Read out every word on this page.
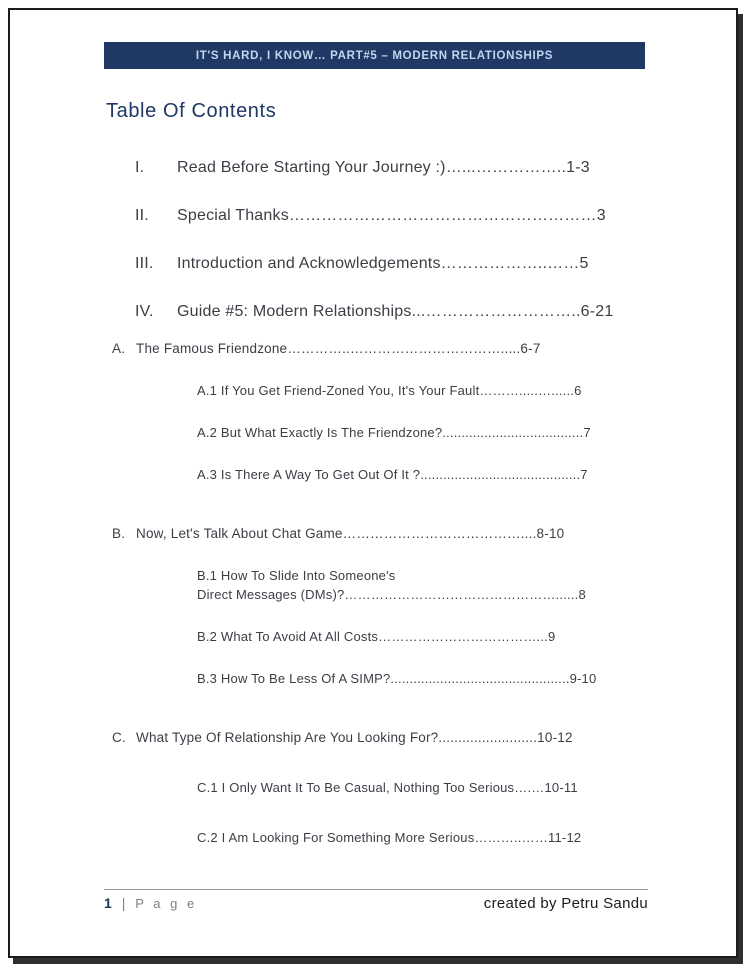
IT'S HARD, I KNOW… PART#5 – MODERN RELATIONSHIPS
Table Of Contents
I.	Read Before Starting Your Journey :)…...……………..1-3
II.	Special Thanks…………………………………………………3
III.	Introduction and Acknowledgements………………..……5
IV.	Guide #5: Modern Relationships...………………………..6-21
A. The Famous Friendzone…………..…………………………….....6-7
A.1 If You Get Friend-Zoned You, It's Your Fault……….....…......6
A.2 But What Exactly Is The Friendzone?.....................................7
A.3 Is There A Way To Get Out Of It ?..........................................7
B. Now, Let's Talk About Chat Game…………………………………....8-10
B.1 How To Slide Into Someone's
Direct Messages (DMs)?…………………………………………......8
B.2 What To Avoid At All Costs………………………………...9
B.3 How To Be Less Of A SIMP?...............................................9-10
C. What Type Of Relationship Are You Looking For?.........................10-12
C.1 I Only Want It To Be Casual, Nothing Too Serious….…10-11
C.2 I Am Looking For Something More Serious………..……11-12
1 | P a g e	created by Petru Sandu
